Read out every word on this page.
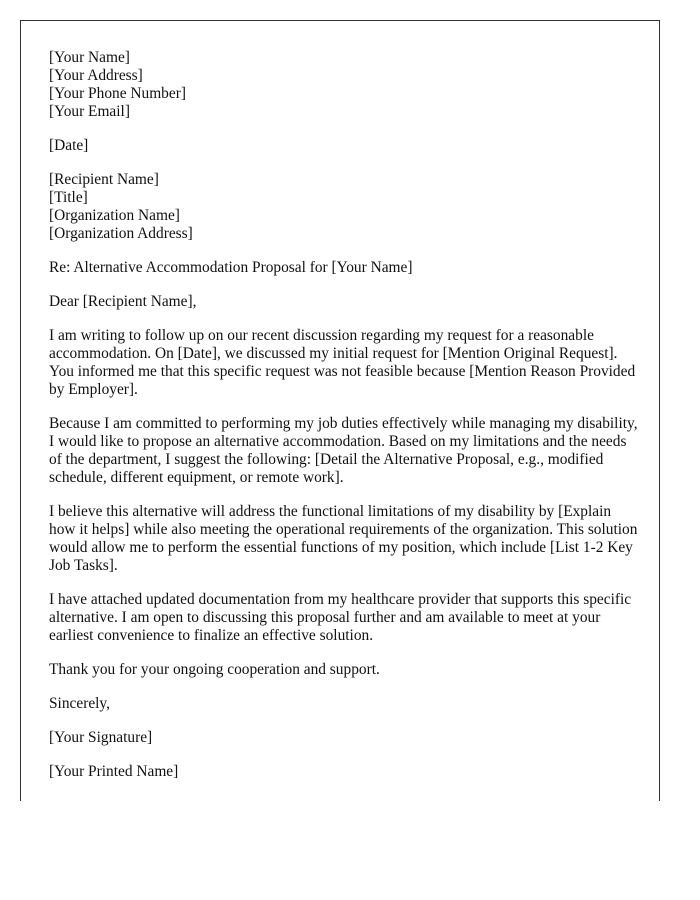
[Your Name]
[Your Address]
[Your Phone Number]
[Your Email]
[Date]
[Recipient Name]
[Title]
[Organization Name]
[Organization Address]

Re: Alternative Accommodation Proposal for [Your Name]

Dear [Recipient Name],

I am writing to follow up on our recent discussion regarding my request for a reasonable accommodation. On [Date], we discussed my initial request for [Mention Original Request]. You informed me that this specific request was not feasible because [Mention Reason Provided by Employer].

Because I am committed to performing my job duties effectively while managing my disability, I would like to propose an alternative accommodation. Based on my limitations and the needs of the department, I suggest the following: [Detail the Alternative Proposal, e.g., modified schedule, different equipment, or remote work].

I believe this alternative will address the functional limitations of my disability by [Explain how it helps] while also meeting the operational requirements of the organization. This solution would allow me to perform the essential functions of my position, which include [List 1-2 Key Job Tasks].

I have attached updated documentation from my healthcare provider that supports this specific alternative. I am open to discussing this proposal further and am available to meet at your earliest convenience to finalize an effective solution.

Thank you for your ongoing cooperation and support.

Sincerely,

[Your Signature]

[Your Printed Name]
